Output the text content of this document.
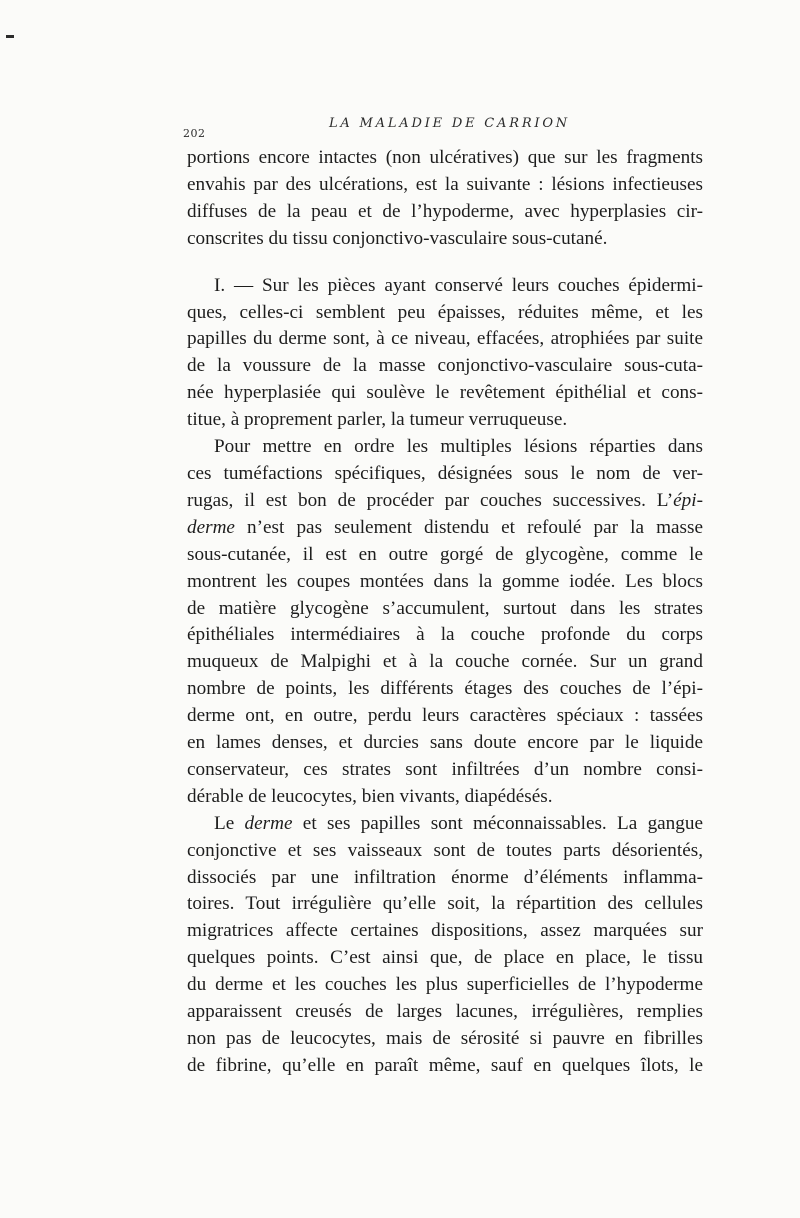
202
LA MALADIE DE CARRION

portions encore intactes (non ulcératives) que sur les fragments
envahis par des ulcérations, est la suivante : lésions infectieuses
diffuses de la peau et de l’hypoderme, avec hyperplasies cir-
conscrites du tissu conjonctivo-vasculaire sous-cutané.

I. — Sur les pièces ayant conservé leurs couches épidermi-
ques, celles-ci semblent peu épaisses, réduites même, et les
papilles du derme sont, à ce niveau, effacées, atrophiées par suite
de la voussure de la masse conjonctivo-vasculaire sous-cuta-
née hyperplasiée qui soulève le revêtement épithélial et cons-
titue, à proprement parler, la tumeur verruqueuse.

Pour mettre en ordre les multiples lésions réparties dans
ces tuméfactions spécifiques, désignées sous le nom de ver-
rugas, il est bon de procéder par couches successives. L’épi-
derme n’est pas seulement distendu et refoulé par la masse
sous-cutanée, il est en outre gorgé de glycogène, comme le
montrent les coupes montées dans la gomme iodée. Les blocs
de matière glycogène s’accumulent, surtout dans les strates
épithéliales intermédiaires à la couche profonde du corps
muqueux de Malpighi et à la couche cornée. Sur un grand
nombre de points, les différents étages des couches de l’épi-
derme ont, en outre, perdu leurs caractères spéciaux : tassées
en lames denses, et durcies sans doute encore par le liquide
conservateur, ces strates sont infiltrées d’un nombre consi-
dérable de leucocytes, bien vivants, diapédésés.

Le derme et ses papilles sont méconnaissables. La gangue
conjonctive et ses vaisseaux sont de toutes parts désorientés,
dissociés par une infiltration énorme d’éléments inflamma-
toires. Tout irrégulière qu’elle soit, la répartition des cellules
migratrices affecte certaines dispositions, assez marquées sur
quelques points. C’est ainsi que, de place en place, le tissu
du derme et les couches les plus superficielles de l’hypoderme
apparaissent creusés de larges lacunes, irrégulières, remplies
non pas de leucocytes, mais de sérosité si pauvre en fibrilles
de fibrine, qu’elle en paraît même, sauf en quelques îlots, le
